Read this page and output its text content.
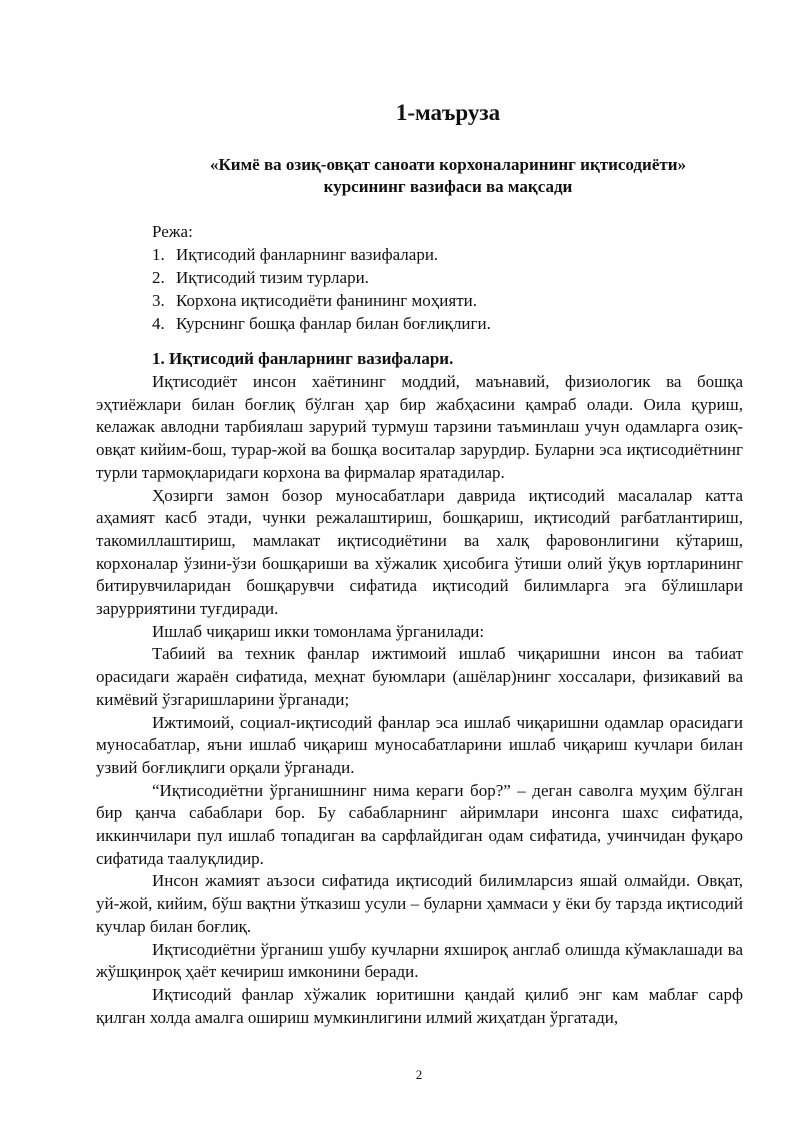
1-маъруза
«Кимё ва озиқ-овқат саноати корхоналарининг иқтисодиёти»
курсининг вазифаси ва мақсади
Режа:
1. Иқтисодий фанларнинг вазифалари.
2. Иқтисодий тизим турлари.
3. Корхона иқтисодиёти фанининг моҳияти.
4. Курснинг бошқа фанлар билан боғлиқлиги.
1. Иқтисодий фанларнинг вазифалари.

Иқтисодиёт инсон хаётининг моддий, маънавий, физиологик ва бошқа эҳтиёжлари билан боғлиқ бўлган ҳар бир жабҳасини қамраб олади. Оила қуриш, келажак авлодни тарбиялаш зарурий турмуш тарзини таъминлаш учун одамларга озиқ-овқат кийим-бош, турар-жой ва бошқа воситалар зарурдир. Буларни эса иқтисодиётнинг турли тармоқларидаги корхона ва фирмалар яратадилар.

Ҳозирги замон бозор муносабатлари даврида иқтисодий масалалар катта аҳамият касб этади, чунки режалаштириш, бошқариш, иқтисодий рағбатлантириш, такомиллаштириш, мамлакат иқтисодиётини ва халқ фаровонлигини кўтариш, корхоналар ўзини-ўзи бошқариши ва хўжалик ҳисобига ўтиши олий ўқув юртларининг битирувчиларидан бошқарувчи сифатида иқтисодий билимларга эга бўлишлари зарурриятини туғдиради.

Ишлаб чиқариш икки томонлама ўрганилади:

Табиий ва техник фанлар ижтимоий ишлаб чиқаришни инсон ва табиат орасидаги жараён сифатида, меҳнат буюмлари (ашёлар)нинг хоссалари, физикавий ва кимёвий ўзгаришларини ўрганади;

Ижтимоий, социал-иқтисодий фанлар эса ишлаб чиқаришни одамлар орасидаги муносабатлар, яъни ишлаб чиқариш муносабатларини ишлаб чиқариш кучлари билан узвий боғлиқлиги орқали ўрганади.

“Иқтисодиётни ўрганишнинг нима кераги бор?” – деган саволга муҳим бўлган бир қанча сабаблари бор. Бу сабабларнинг айримлари инсонга шахс сифатида, иккинчилари пул ишлаб топадиган ва сарфлайдиган одам сифатида, учинчидан фуқаро сифатида таалуқлидир.

Инсон жамият аъзоси сифатида иқтисодий билимларсиз яшай олмайди. Овқат, уй-жой, кийим, бўш вақтни ўтказиш усули – буларни ҳаммаси у ёки бу тарзда иқтисодий кучлар билан боғлиқ.

Иқтисодиётни ўрганиш ушбу кучларни яхшироқ англаб олишда кўмаклашади ва жўшқинроқ ҳаёт кечириш имконини беради.

Иқтисодий фанлар хўжалик юритишни қандай қилиб энг кам маблағ сарф қилган холда амалга ошириш мумкинлигини илмий жиҳатдан ўргатади,

2
